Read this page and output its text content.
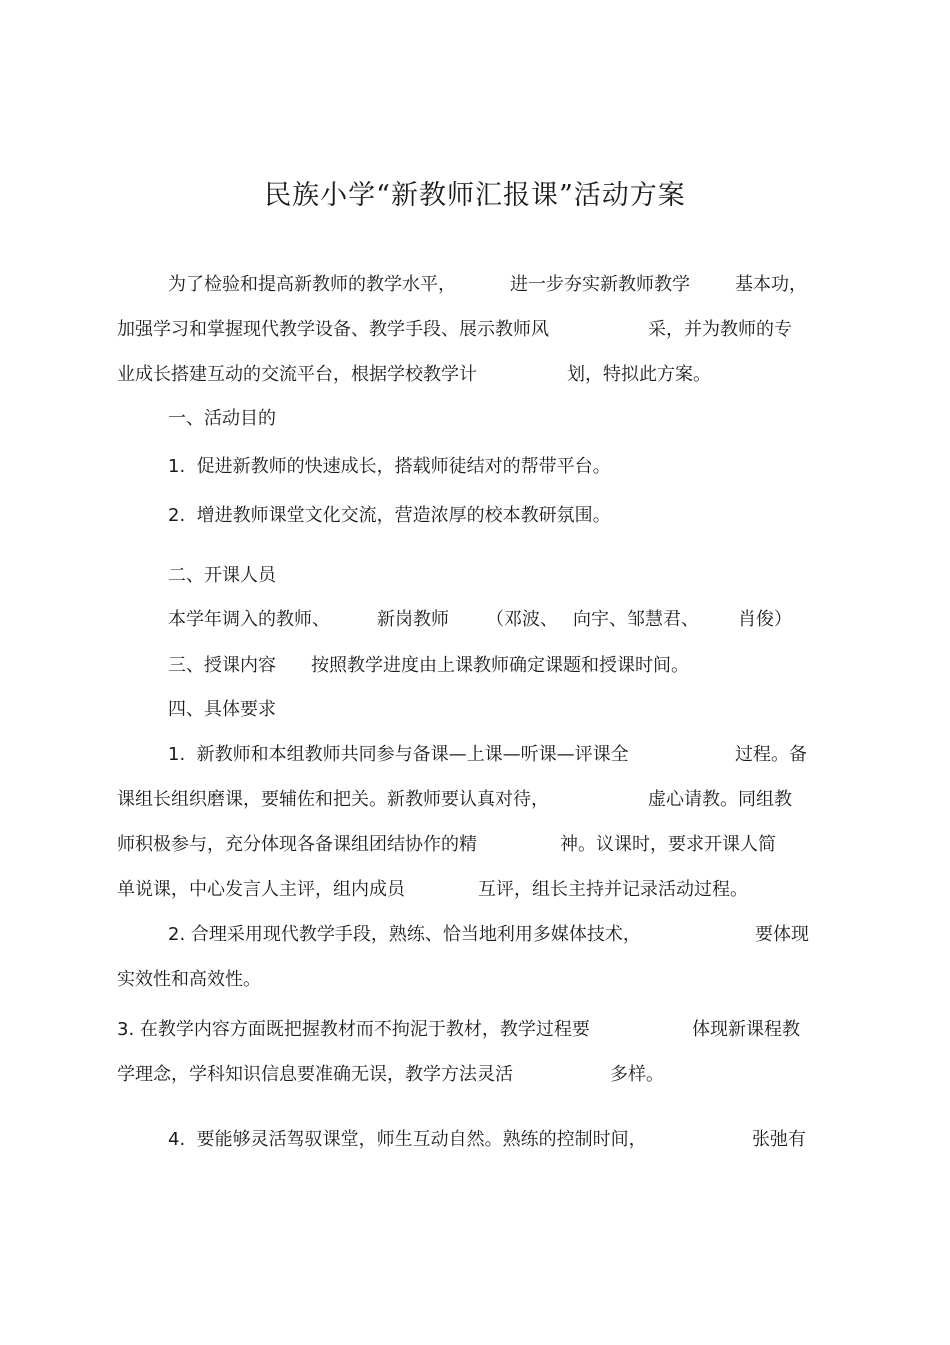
民族小学“新教师汇报课”活动方案
为了检验和提高新教师的教学水平，	进一步夯实新教师教学	基本功，
加强学习和掌握现代教学设备、教学手段、展示教师风	采，并为教师的专
业成长搭建互动的交流平台，根据学校教学计	划，特拟此方案。
一、活动目的
1.  促进新教师的快速成长，搭载师徒结对的帮带平台。
2.  增进教师课堂文化交流，营造浓厚的校本教研氛围。
二、开课人员
本学年调入的教师、	新岗教师 （邓波、 向宇、邹慧君、 肖俊）
三、授课内容 按照教学进度由上课教师确定课题和授课时间。
四、具体要求
1.  新教师和本组教师共同参与备课—上课—听课—评课全	过程。备
课组长组织磨课，要辅佐和把关。新教师要认真对待，	虚心请教。同组教
师积极参与，充分体现各备课组团结协作的精	神。议课时，要求开课人简
单说课，中心发言人主评，组内成员	互评，组长主持并记录活动过程。
2. 合理采用现代教学手段，熟练、恰当地利用多媒体技术，	要体现
实效性和高效性。
3. 在教学内容方面既把握教材而不拘泥于教材，教学过程要	体现新课程教
学理念，学科知识信息要准确无误，教学方法灵活	多样。
4.  要能够灵活驾驭课堂，师生互动自然。熟练的控制时间，	张弛有
